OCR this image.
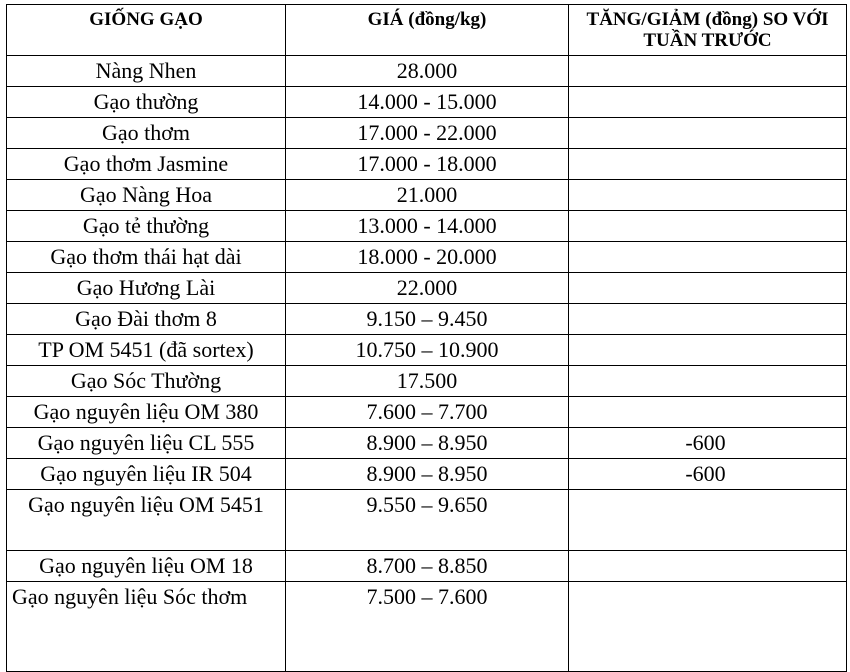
GIỐNG GẠO	GIÁ (đồng/kg)	TĂNG/GIẢM (đồng) SO VỚI TUẦN TRƯỚC
Nàng Nhen	28.000	
Gạo thường	14.000 - 15.000	
Gạo thơm	17.000 - 22.000	
Gạo thơm Jasmine	17.000 - 18.000	
Gạo Nàng Hoa	21.000	
Gạo tẻ thường	13.000 - 14.000	
Gạo thơm thái hạt dài	18.000 - 20.000	
Gạo Hương Lài	22.000	
Gạo Đài thơm 8	9.150 – 9.450	
TP OM 5451 (đã sortex)	10.750 – 10.900	
Gạo Sóc Thường	17.500	
Gạo nguyên liệu OM 380	7.600 – 7.700	
Gạo nguyên liệu CL 555	8.900 – 8.950	-600
Gạo nguyên liệu IR 504	8.900 – 8.950	-600
Gạo nguyên liệu OM 5451	9.550 – 9.650	
Gạo nguyên liệu OM 18	8.700 – 8.850	
Gạo nguyên liệu Sóc thơm	7.500 – 7.600	
